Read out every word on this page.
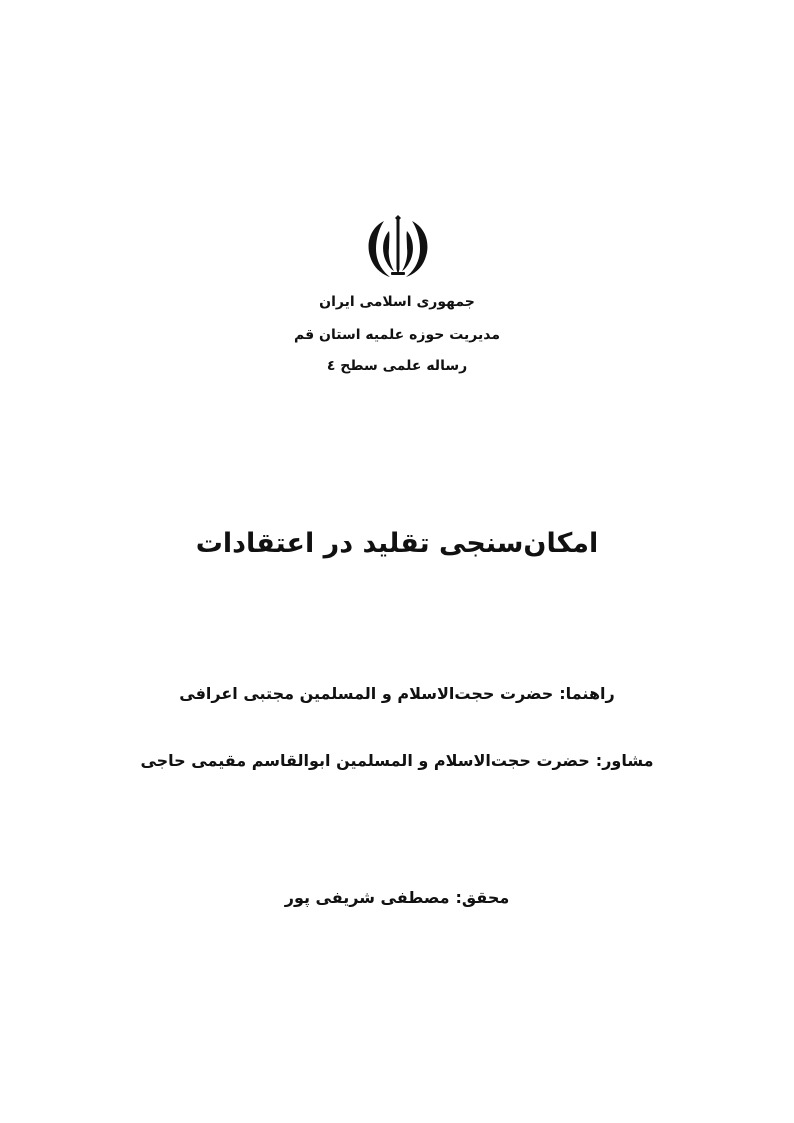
جمهوری اسلامی ایران
مدیریت حوزه علمیه استان قم
رساله علمی سطح ٤
امکان‌سنجی تقلید در اعتقادات
راهنما:حضرت حجت‌الاسلام و المسلمین مجتبی اعرافی
مشاور:حضرت حجت‌الاسلام و المسلمین ابوالقاسم مقیمی حاجی
محقق:مصطفی شریفی پور
